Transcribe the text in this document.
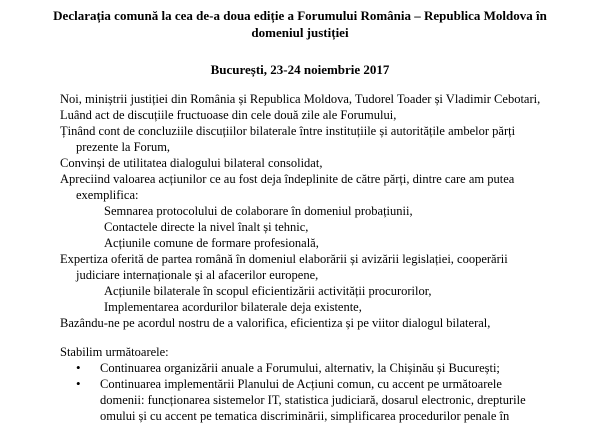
Declarația comună la cea de-a doua ediție a Forumului România – Republica Moldova în

domeniul justiției

București, 23-24 noiembrie 2017

Noi, miniștrii justiției din România și Republica Moldova, Tudorel Toader și Vladimir Cebotari,

Luând act de discuțiile fructuoase din cele două zile ale Forumului,

Ținând cont de concluziile discuțiilor bilaterale între instituțiile și autoritățile ambelor părți

prezente la Forum,

Convinși de utilitatea dialogului bilateral consolidat,

Apreciind valoarea acțiunilor ce au fost deja îndeplinite de către părți, dintre care am putea

exemplifica:

Semnarea protocolului de colaborare în domeniul probațiunii,

Contactele directe la nivel înalt și tehnic,

Acțiunile comune de formare profesională,

Expertiza oferită de partea română în domeniul elaborării și avizării legislației, cooperării

judiciare internaționale și al afacerilor europene,

Acțiunile bilaterale în scopul eficientizării activității procurorilor,

Implementarea acordurilor bilaterale deja existente,

Bazându-ne pe acordul nostru de a valorifica, eficientiza și pe viitor dialogul bilateral,

Stabilim următoarele:

• Continuarea organizării anuale a Forumului, alternativ, la Chișinău și București;

• Continuarea implementării Planului de Acțiuni comun, cu accent pe următoarele

domenii: funcționarea sistemelor IT, statistica judiciară, dosarul electronic, drepturile

omului și cu accent pe tematica discriminării, simplificarea procedurilor penale în
